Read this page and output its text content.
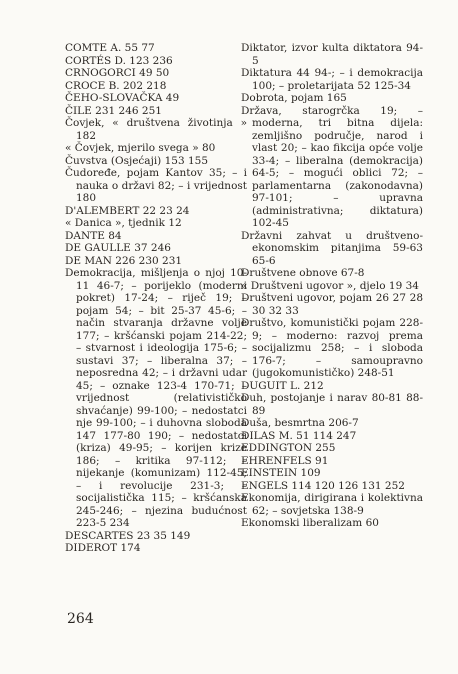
COMTE A. 55 77

CORTÉS D. 123 236

CRNOGORCI 49 50

CROCE B. 202 218

ČEHO-SLOVAČKA 49

ČILE 231 246 251

Čovjek, « društvena životinja » 182

« Čovjek, mjerilo svega » 80

Čuvstva (Osjećaji) 153 155

Čudoređe, pojam Kantov 35; – i nauka o državi 82; – i vrijednost 180

D'ALEMBERT 22 23 24

« Danica », tjednik 12

DANTE 84

DE GAULLE 37 246

DE MAN 226 230 231

Demokracija, mišljenja o njoj 10-11 46-7; – porijeklo (moderni pokret) 17-24; – riječ 19; – pojam 54; – bit 25-37 45-6; – način stvaranja državne volje 177; – kršćanski pojam 214-22; – stvarnost i ideologija 175-6; – sustavi 37; – liberalna 37; – neposredna 42; – i državni udar 45; – oznake 123-4 170-71; – vrijednost (relativističko shvaćanje) 99-100; – nedostatci nje 99-100; – i duhovna sloboda 147 177-80 190; – nedostatci (kriza) 49-95; – korijen krize 186; – kritika 97-112; – nijekanje (komunizam) 112-45; – i revolucije 231-3; – socijalistička 115; – kršćanska 245-246; – njezina budućnost 223-5 234

DESCARTES 23 35 149

DIDEROT 174

Diktator, izvor kulta diktatora 94-5

Diktatura 44 94-; – i demokracija 100; – proletarijata 52 125-34

Dobrota, pojam 165

Država, starogrčka 19; – moderna, tri bitna dijela: zemljišno područje, narod i vlast 20; – kao fikcija opće volje 33-4; – liberalna (demokracija) 64-5; – mogući oblici 72; – parlamentarna (zakonodavna) 97-101; – upravna (administrativna; diktatura) 102-45

Državni zahvat u društveno-ekonomskim pitanjima 59-63 65-6

Društvene obnove 67-8

« Društveni ugovor », djelo 19 34

Društveni ugovor, pojam 26 27 28 30 32 33

Društvo, komunistički pojam 228-9; – moderno: razvoj prema socijalizmu 258; – i sloboda 176-7; – samoupravno (jugokomunističko) 248-51

DUGUIT L. 212

Duh, postojanje i narav 80-81 88-89

Duša, besmrtna 206-7

ĐILAS M. 51 114 247

EDDINGTON 255

EHRENFELS 91

EINSTEIN 109

ENGELS 114 120 126 131 252

Ekonomija, dirigirana i kolektivna 62; – sovjetska 138-9

Ekonomski liberalizam 60

264
